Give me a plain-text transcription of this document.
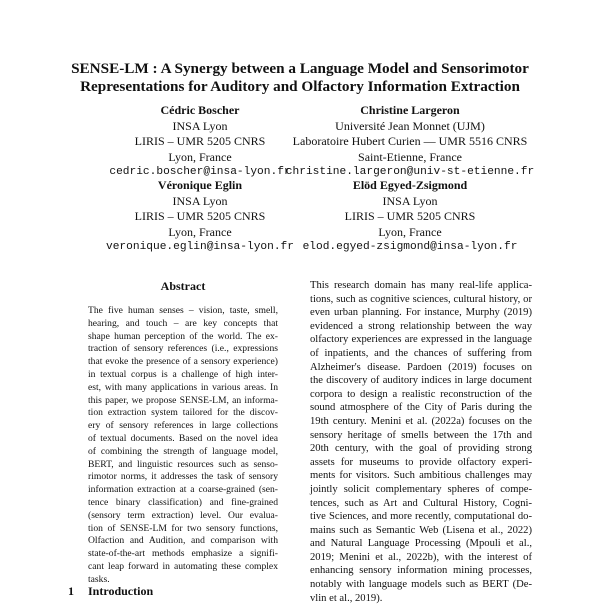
SENSE-LM : A Synergy between a Language Model and Sensorimotor
Representations for Auditory and Olfactory Information Extraction
Cédric Boscher
INSA Lyon
LIRIS – UMR 5205 CNRS
Lyon, France
cedric.boscher@insa-lyon.fr
Christine Largeron
Université Jean Monnet (UJM)
Laboratoire Hubert Curien — UMR 5516 CNRS
Saint-Etienne, France
christine.largeron@univ-st-etienne.fr
Véronique Eglin
INSA Lyon
LIRIS – UMR 5205 CNRS
Lyon, France
veronique.eglin@insa-lyon.fr
Elöd Egyed-Zsigmond
INSA Lyon
LIRIS – UMR 5205 CNRS
Lyon, France
elod.egyed-zsigmond@insa-lyon.fr
Abstract
The five human senses – vision, taste, smell,
hearing, and touch – are key concepts that
shape human perception of the world. The ex-
traction of sensory references (i.e., expressions
that evoke the presence of a sensory experience)
in textual corpus is a challenge of high inter-
est, with many applications in various areas. In
this paper, we propose SENSE-LM, an informa-
tion extraction system tailored for the discov-
ery of sensory references in large collections
of textual documents. Based on the novel idea
of combining the strength of language model,
BERT, and linguistic resources such as senso-
rimotor norms, it addresses the task of sensory
information extraction at a coarse-grained (sen-
tence binary classification) and fine-grained
(sensory term extraction) level. Our evalua-
tion of SENSE-LM for two sensory functions,
Olfaction and Audition, and comparison with
state-of-the-art methods emphasize a signifi-
cant leap forward in automating these complex
tasks.
This research domain has many real-life applica-
tions, such as cognitive sciences, cultural history, or
even urban planning. For instance, Murphy (2019)
evidenced a strong relationship between the way
olfactory experiences are expressed in the language
of inpatients, and the chances of suffering from
Alzheimer's disease. Pardoen (2019) focuses on
the discovery of auditory indices in large document
corpora to design a realistic reconstruction of the
sound atmosphere of the City of Paris during the
19th century. Menini et al. (2022a) focuses on the
sensory heritage of smells between the 17th and
20th century, with the goal of providing strong
assets for museums to provide olfactory experi-
ments for visitors. Such ambitious challenges may
jointly solicit complementary spheres of compe-
tences, such as Art and Cultural History, Cogni-
tive Sciences, and more recently, computational do-
mains such as Semantic Web (Lisena et al., 2022)
and Natural Language Processing (Mpouli et al.,
2019; Menini et al., 2022b), with the interest of
enhancing sensory information mining processes,
notably with language models such as BERT (De-
vlin et al., 2019).
1 Introduction
